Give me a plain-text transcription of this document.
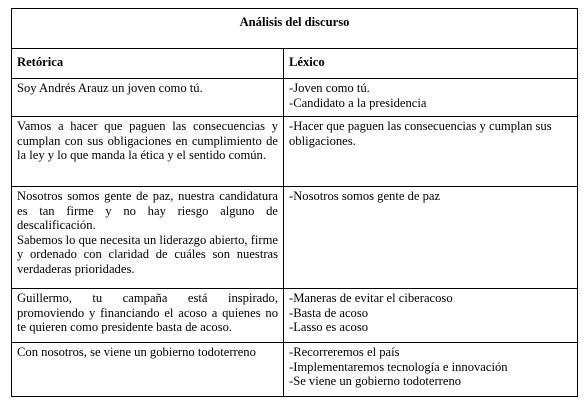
Análisis del discurso	
Retórica	Léxico

Soy Andrés Arauz un joven como tú.	-Joven como tú.
-Candidato a la presidencia

Vamos a hacer que paguen las consecuencias y cumplan con sus obligaciones en cumplimiento de la ley y lo que manda la ética y el sentido común.	-Hacer que paguen las consecuencias y cumplan sus obligaciones.

Nosotros somos gente de paz, nuestra candidatura es tan firme y no hay riesgo alguno de descalificación.
Sabemos lo que necesita un liderazgo abierto, firme y ordenado con claridad de cuáles son nuestras verdaderas prioridades.	-Nosotros somos gente de paz

Guillermo, tu campaña está inspirado, promoviendo y financiando el acoso a quienes no te quieren como presidente basta de acoso.	-Maneras de evitar el ciberacoso
-Basta de acoso
-Lasso es acoso

Con nosotros, se viene un gobierno todoterreno	-Recorreremos el país
-Implementaremos tecnología e innovación
-Se viene un gobierno todoterreno
